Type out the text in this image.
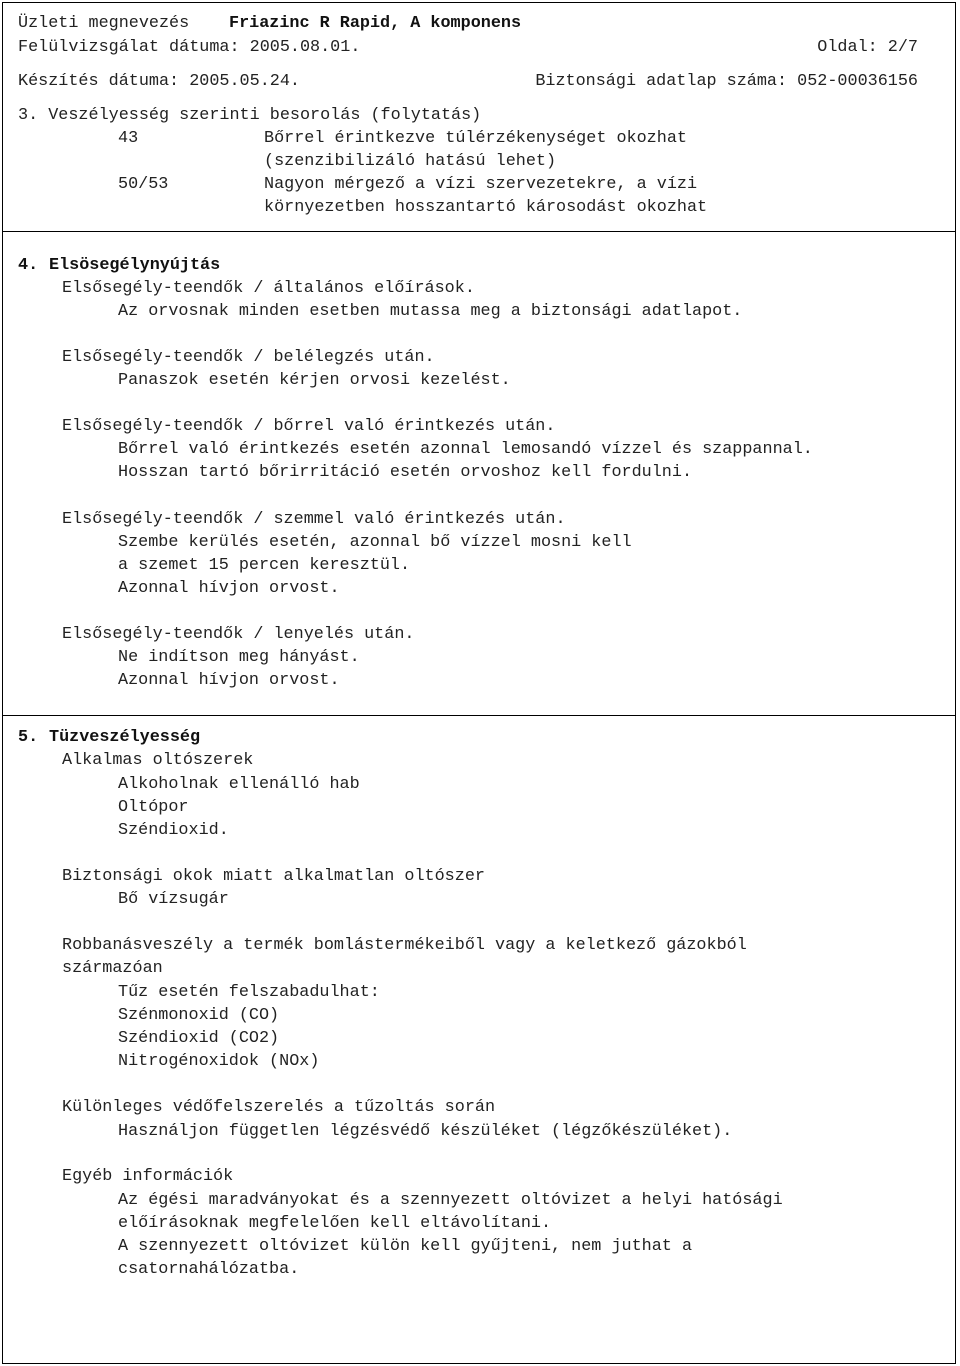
Üzleti megnevezés Friazinc R Rapid, A komponens
Felülvizsgálat dátuma: 2005.08.01.	Oldal: 2/7
Készítés dátuma: 2005.05.24.	Biztonsági adatlap száma: 052-00036156
3. Veszélyesség szerinti besorolás (folytatás)
43	Bőrrel érintkezve túlérzékenységet okozhat
(szenzibilizáló hatású lehet)
50/53	Nagyon mérgező a vízi szervezetekre, a vízi
környezetben hosszantartó károsodást okozhat
4. Elsösegélynyújtás
Elsősegély-teendők / általános előírások.
Az orvosnak minden esetben mutassa meg a biztonsági adatlapot.
Elsősegély-teendők / belélegzés után.
Panaszok esetén kérjen orvosi kezelést.
Elsősegély-teendők / bőrrel való érintkezés után.
Bőrrel való érintkezés esetén azonnal lemosandó vízzel és szappannal.
Hosszan tartó bőrirritáció esetén orvoshoz kell fordulni.
Elsősegély-teendők / szemmel való érintkezés után.
Szembe kerülés esetén, azonnal bő vízzel mosni kell
a szemet 15 percen keresztül.
Azonnal hívjon orvost.
Elsősegély-teendők / lenyelés után.
Ne indítson meg hányást.
Azonnal hívjon orvost.
5. Tüzveszélyesség
Alkalmas oltószerek
Alkoholnak ellenálló hab
Oltópor
Széndioxid.
Biztonsági okok miatt alkalmatlan oltószer
Bő vízsugár
Robbanásveszély a termék bomlástermékeiből vagy a keletkező gázokból
származóan
Tűz esetén felszabadulhat:
Szénmonoxid (CO)
Széndioxid (CO2)
Nitrogénoxidok (NOx)
Különleges védőfelszerelés a tűzoltás során
Használjon független légzésvédő készüléket (légzőkészüléket).
Egyéb információk
Az égési maradványokat és a szennyezett oltóvizet a helyi hatósági
előírásoknak megfelelően kell eltávolítani.
A szennyezett oltóvizet külön kell gyűjteni, nem juthat a
csatornahálózatba.
